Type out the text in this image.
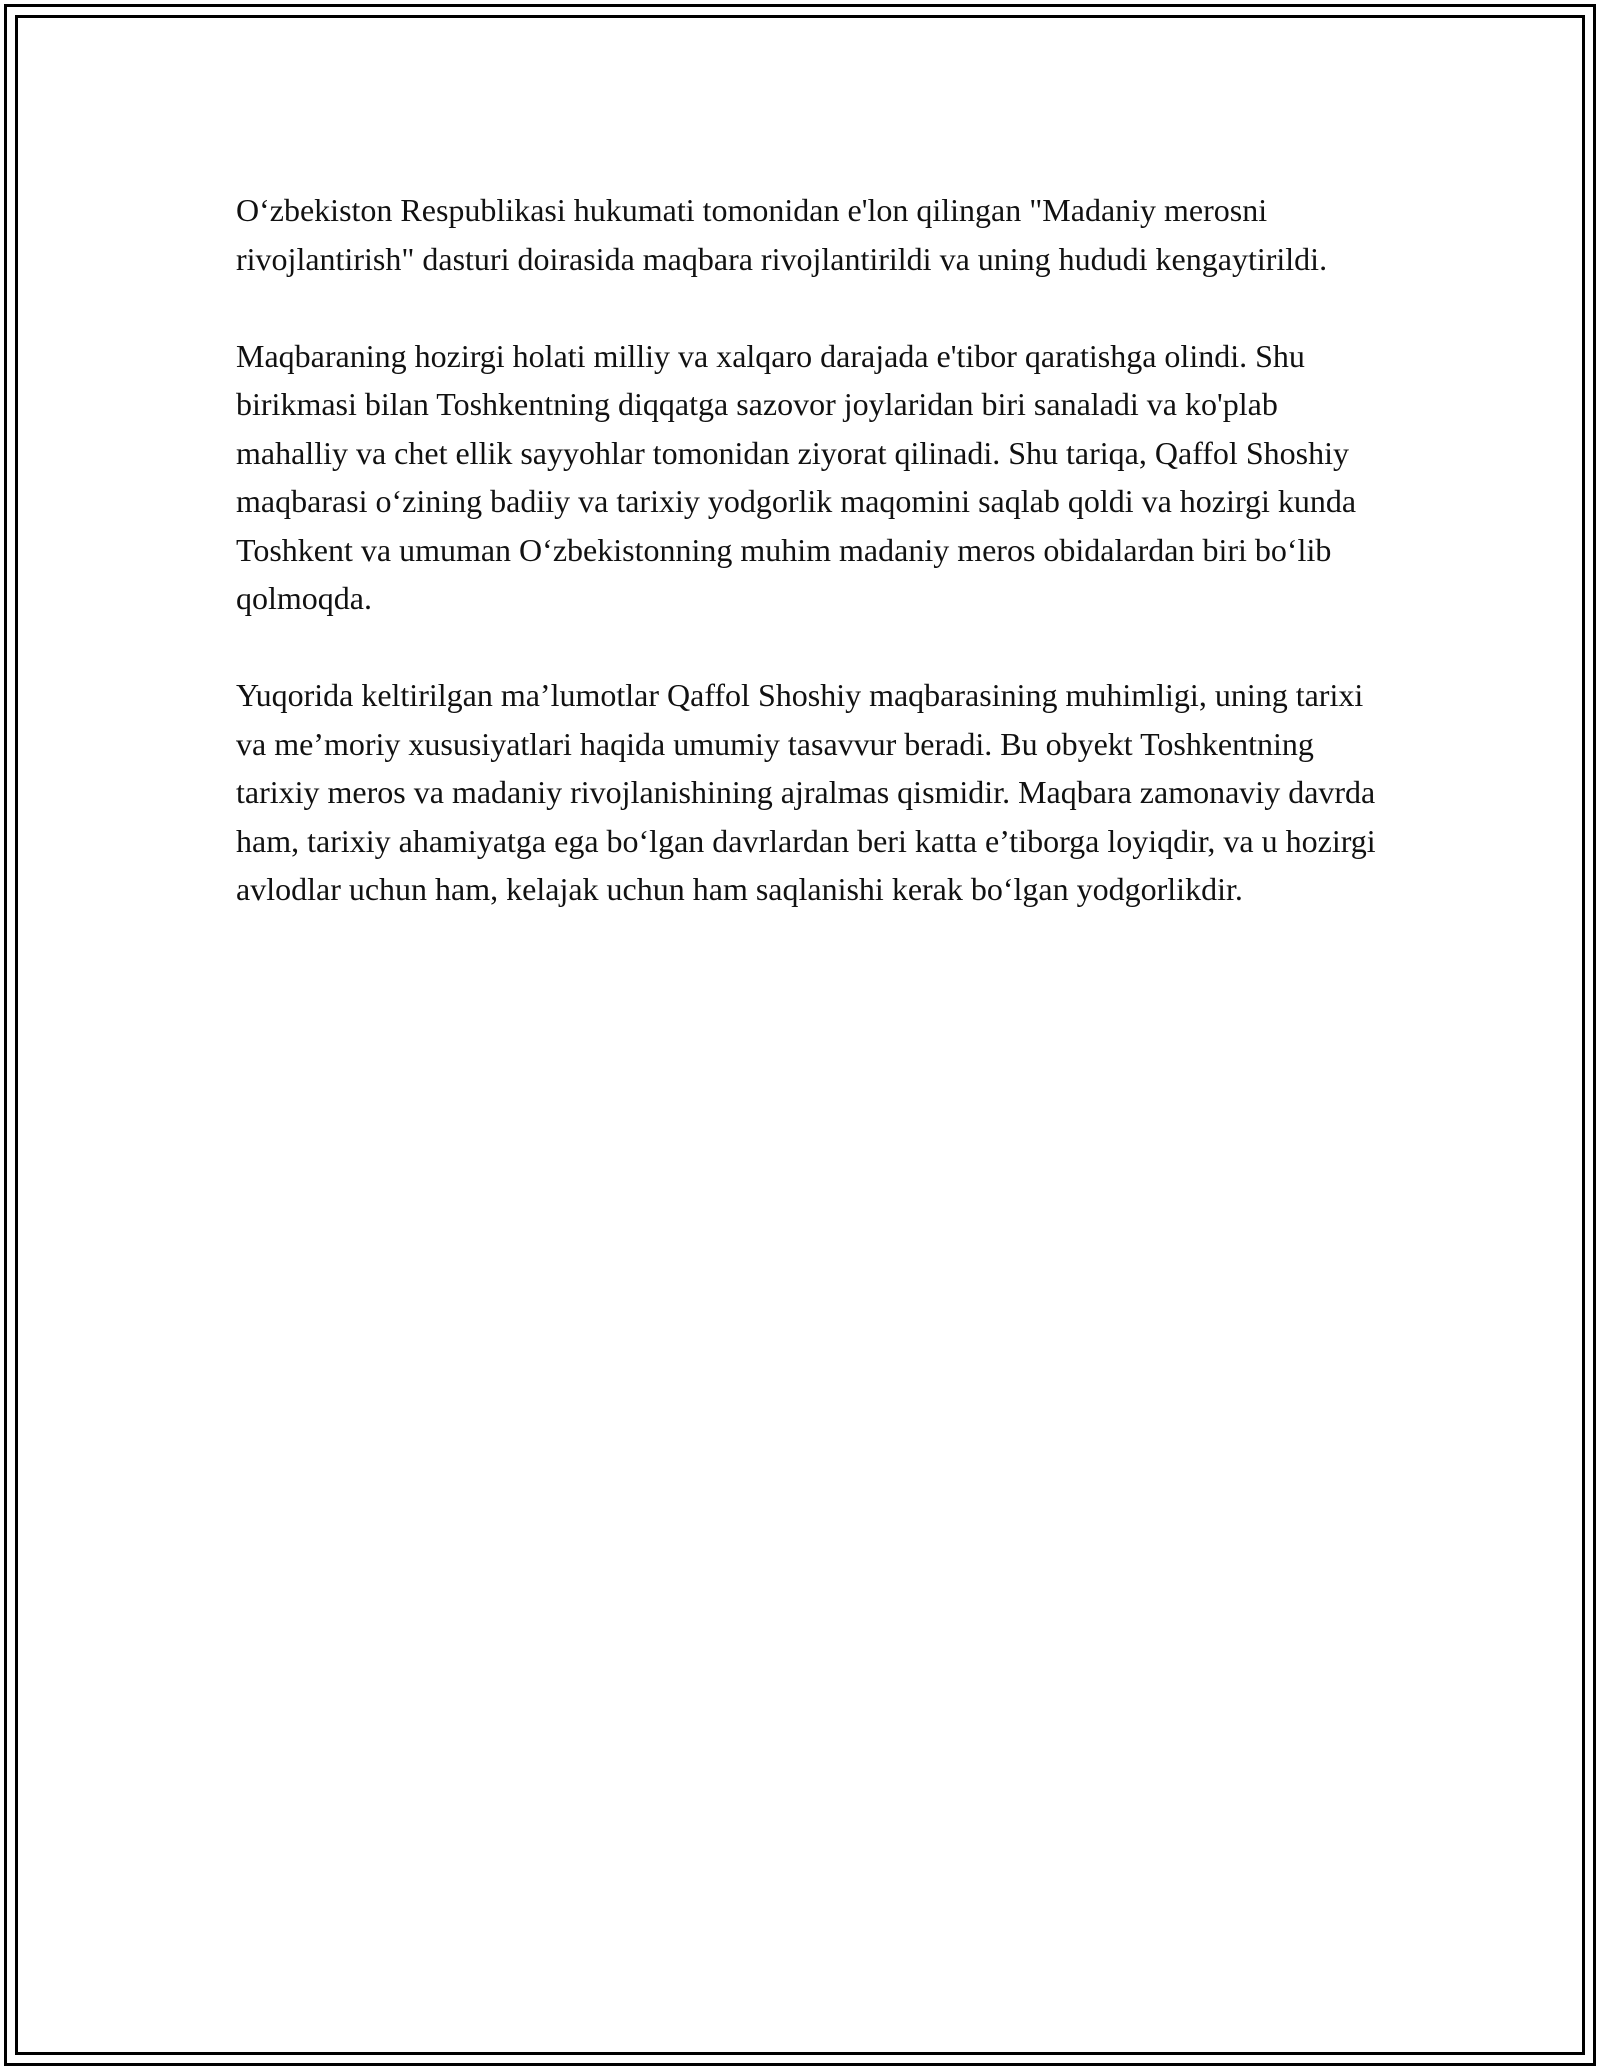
O‘zbekiston Respublikasi hukumati tomonidan e'lon qilingan "Madaniy merosni rivojlantirish" dasturi doirasida maqbara rivojlantirildi va uning hududi kengaytirildi.

Maqbaraning hozirgi holati milliy va xalqaro darajada e'tibor qaratishga olindi. Shu birikmasi bilan Toshkentning diqqatga sazovor joylaridan biri sanaladi va ko'plab mahalliy va chet ellik sayyohlar tomonidan ziyorat qilinadi. Shu tariqa, Qaffol Shoshiy maqbarasi o‘zining badiiy va tarixiy yodgorlik maqomini saqlab qoldi va hozirgi kunda Toshkent va umuman O‘zbekistonning muhim madaniy meros obidalardan biri bo‘lib qolmoqda.

Yuqorida keltirilgan ma’lumotlar Qaffol Shoshiy maqbarasining muhimligi, uning tarixi va me’moriy xususiyatlari haqida umumiy tasavvur beradi. Bu obyekt Toshkentning tarixiy meros va madaniy rivojlanishining ajralmas qismidir. Maqbara zamonaviy davrda ham, tarixiy ahamiyatga ega bo‘lgan davrlardan beri katta e’tiborga loyiqdir, va u hozirgi avlodlar uchun ham, kelajak uchun ham saqlanishi kerak bo‘lgan yodgorlikdir.
